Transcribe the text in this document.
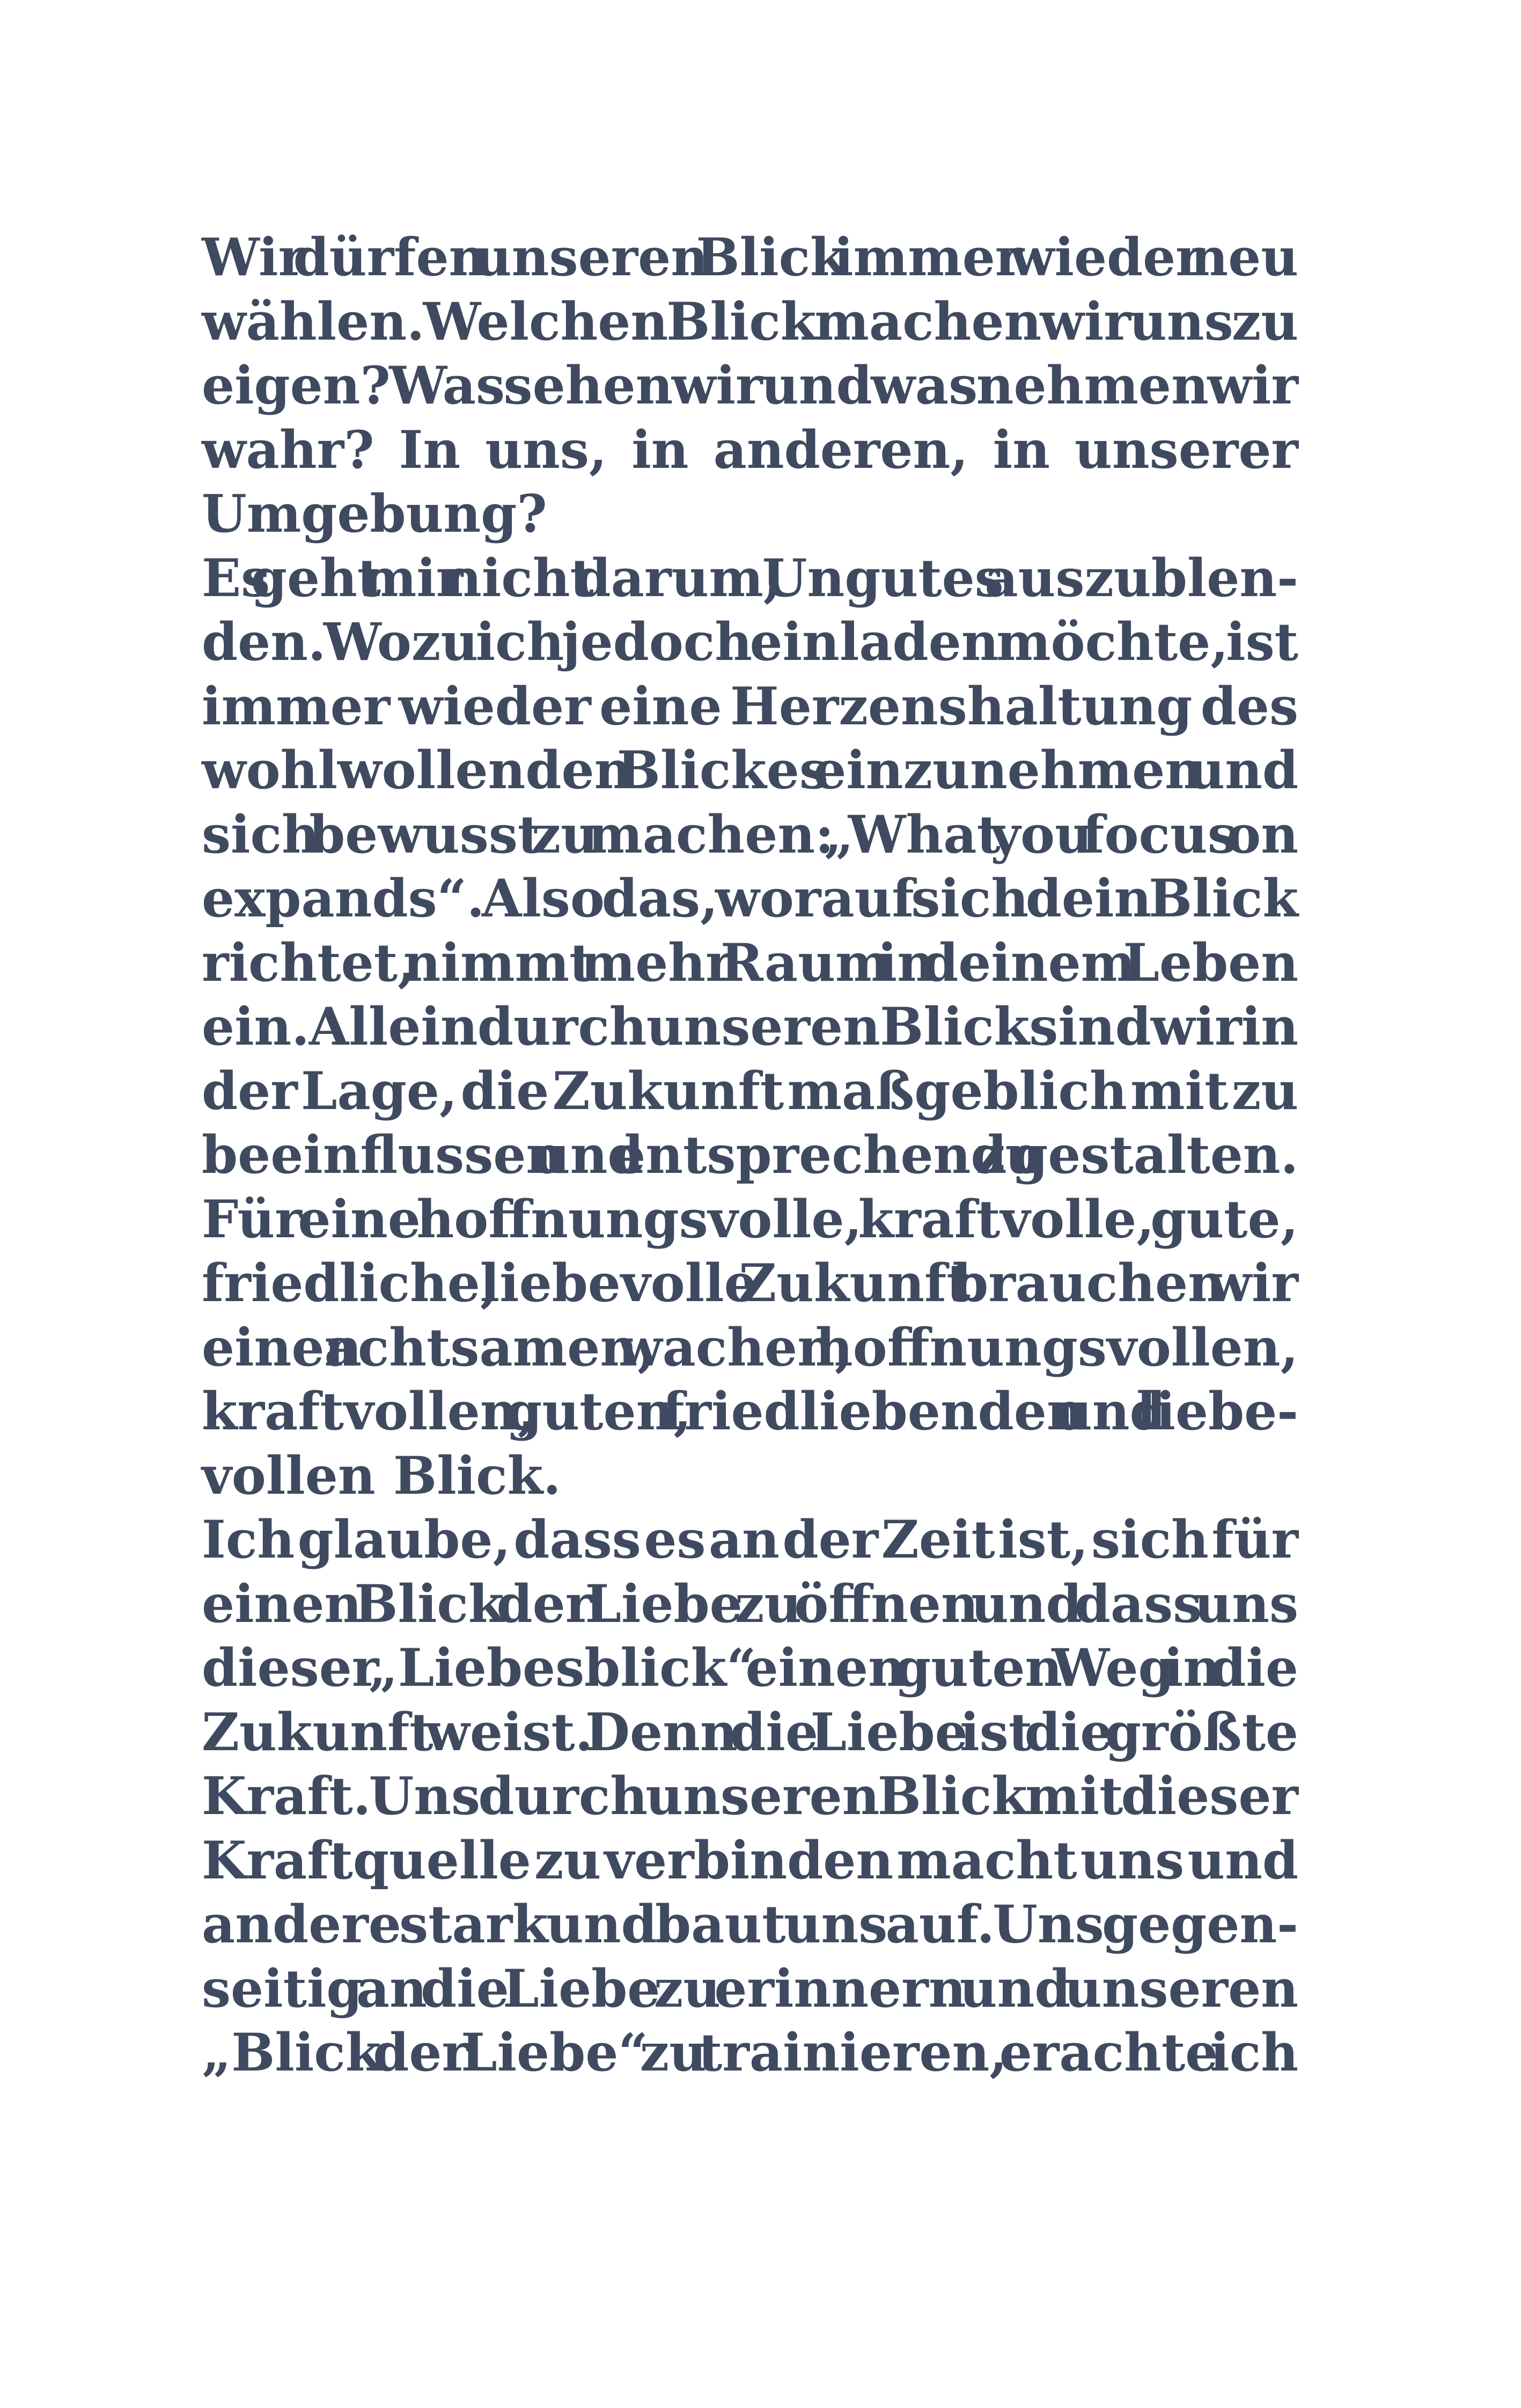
Wir dürfen unseren Blick immer wieder neu
wählen. Welchen Blick machen wir uns zu
eigen? Was sehen wir und was nehmen wir
wahr? In uns, in anderen, in unserer
Umgebung?
Es geht mir nicht darum, Ungutes auszublen-
den. Wozu ich jedoch einladen möchte, ist
immer wieder eine Herzenshaltung des
wohlwollenden Blickes einzunehmen und
sich bewusst zu machen: „What you focus on
expands“. Also das, worauf sich dein Blick
richtet, nimmt mehr Raum in deinem Leben
ein. Allein durch unseren Blick sind wir in
der Lage, die Zukunft maßgeblich mit zu
beeinflussen und entsprechend zu gestalten.
Für eine hoffnungsvolle, kraftvolle, gute,
friedliche, liebevolle Zukunft brauchen wir
einen achtsamen, wachen, hoffnungsvollen,
kraftvollen, guten, friedliebenden und liebe-
vollen Blick.
Ich glaube, dass es an der Zeit ist, sich für
einen Blick der Liebe zu öffnen und dass uns
dieser „Liebesblick“ einen guten Weg in die
Zukunft weist. Denn die Liebe ist die größte
Kraft. Uns durch unseren Blick mit dieser
Kraftquelle zu verbinden macht uns und
andere stark und baut uns auf. Uns gegen-
seitig an die Liebe zu erinnern und unseren
„Blick der Liebe“ zu trainieren, erachte ich
